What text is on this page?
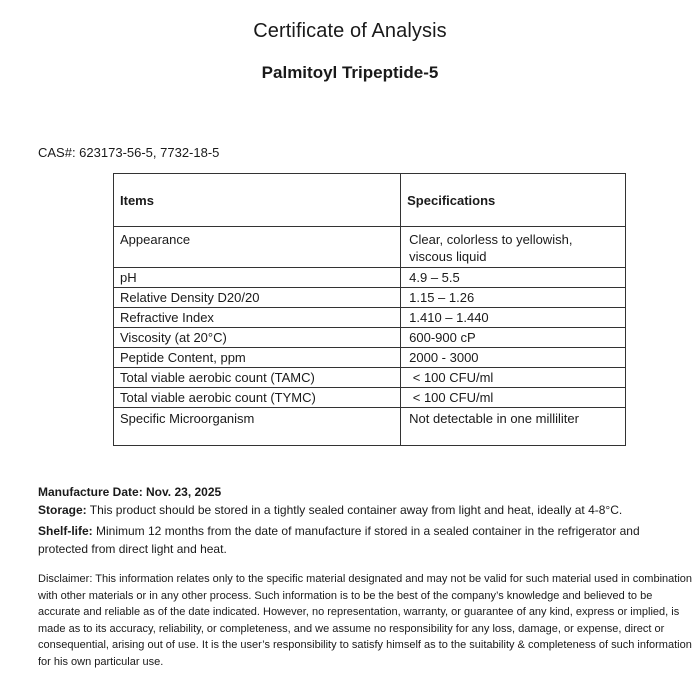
Certificate of Analysis
Palmitoyl Tripeptide-5
CAS#: 623173-56-5, 7732-18-5
Items	Specifications
Appearance	Clear, colorless to yellowish, viscous liquid
pH	4.9 – 5.5
Relative Density D20/20	1.15 – 1.26
Refractive Index	1.410 – 1.440
Viscosity (at 20°C)	600-900 cP
Peptide Content, ppm	2000 - 3000
Total viable aerobic count (TAMC)	< 100 CFU/ml
Total viable aerobic count (TYMC)	< 100 CFU/ml
Specific Microorganism	Not detectable in one milliliter
Manufacture Date: Nov. 23, 2025
Storage: This product should be stored in a tightly sealed container away from light and heat, ideally at 4-8°C.
Shelf-life: Minimum 12 months from the date of manufacture if stored in a sealed container in the refrigerator and protected from direct light and heat.
Disclaimer: This information relates only to the specific material designated and may not be valid for such material used in combination with other materials or in any other process. Such information is to be the best of the company’s knowledge and believed to be accurate and reliable as of the date indicated. However, no representation, warranty, or guarantee of any kind, express or implied, is made as to its accuracy, reliability, or completeness, and we assume no responsibility for any loss, damage, or expense, direct or consequential, arising out of use. It is the user’s responsibility to satisfy himself as to the suitability & completeness of such information for his own particular use.
